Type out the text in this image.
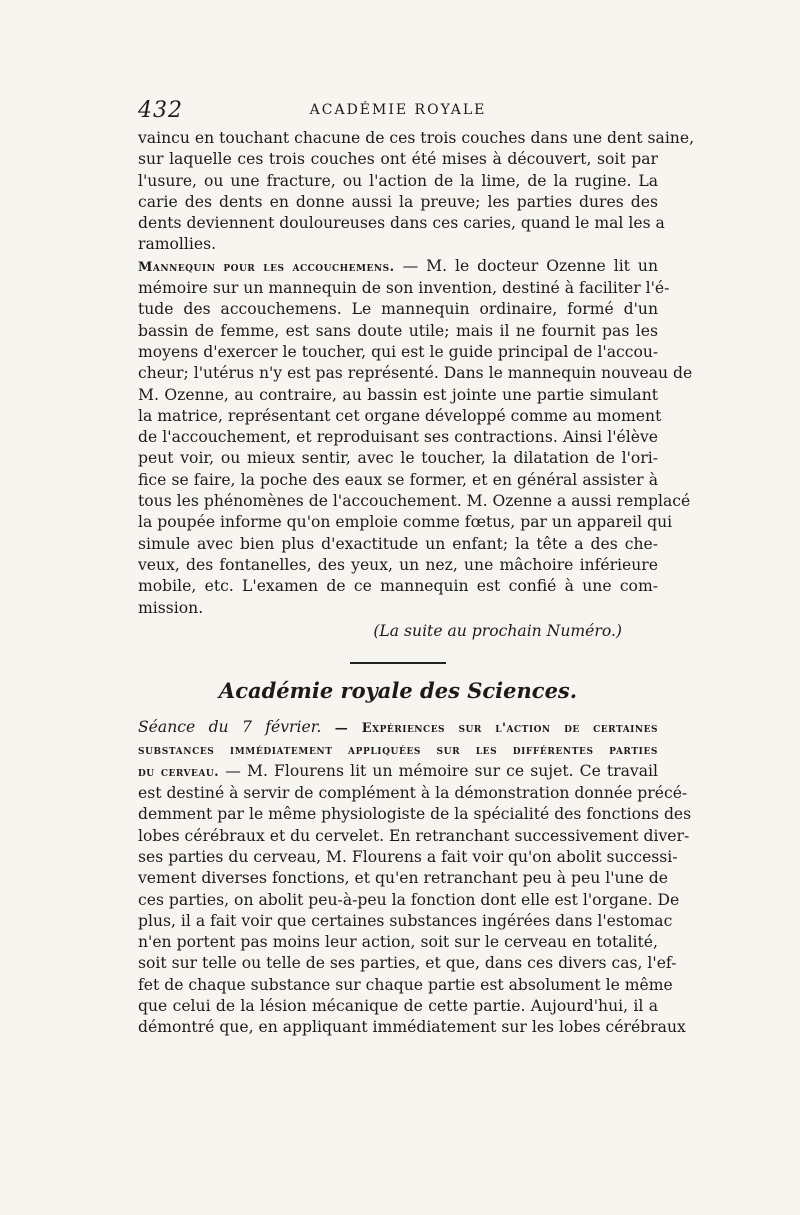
432	ACADÉMIE ROYALE
vaincu en touchant chacune de ces trois couches dans une dent saine,
sur laquelle ces trois couches ont été mises à découvert, soit par
l'usure, ou une fracture, ou l'action de la lime, de la rugine. La
carie des dents en donne aussi la preuve; les parties dures des
dents deviennent douloureuses dans ces caries, quand le mal les a
ramollies.
Mannequin pour les accouchemens. — M. le docteur Ozenne lit un
mémoire sur un mannequin de son invention, destiné à faciliter l'é-
tude des accouchemens. Le mannequin ordinaire, formé d'un
bassin de femme, est sans doute utile; mais il ne fournit pas les
moyens d'exercer le toucher, qui est le guide principal de l'accou-
cheur; l'utérus n'y est pas représenté. Dans le mannequin nouveau de
M. Ozenne, au contraire, au bassin est jointe une partie simulant
la matrice, représentant cet organe développé comme au moment
de l'accouchement, et reproduisant ses contractions. Ainsi l'élève
peut voir, ou mieux sentir, avec le toucher, la dilatation de l'ori-
fice se faire, la poche des eaux se former, et en général assister à
tous les phénomènes de l'accouchement. M. Ozenne a aussi remplacé
la poupée informe qu'on emploie comme fœtus, par un appareil qui
simule avec bien plus d'exactitude un enfant; la tête a des che-
veux, des fontanelles, des yeux, un nez, une mâchoire inférieure
mobile, etc. L'examen de ce mannequin est confié à une com-
mission.
(La suite au prochain Numéro.)
Académie royale des Sciences.
Séance du 7 février. — Expériences sur l'action de certaines
substances immédiatement appliquées sur les différentes parties
du cerveau. — M. Flourens lit un mémoire sur ce sujet. Ce travail
est destiné à servir de complément à la démonstration donnée précé-
demment par le même physiologiste de la spécialité des fonctions des
lobes cérébraux et du cervelet. En retranchant successivement diver-
ses parties du cerveau, M. Flourens a fait voir qu'on abolit successi-
vement diverses fonctions, et qu'en retranchant peu à peu l'une de
ces parties, on abolit peu-à-peu la fonction dont elle est l'organe. De
plus, il a fait voir que certaines substances ingérées dans l'estomac
n'en portent pas moins leur action, soit sur le cerveau en totalité,
soit sur telle ou telle de ses parties, et que, dans ces divers cas, l'ef-
fet de chaque substance sur chaque partie est absolument le même
que celui de la lésion mécanique de cette partie. Aujourd'hui, il a
démontré que, en appliquant immédiatement sur les lobes cérébraux
